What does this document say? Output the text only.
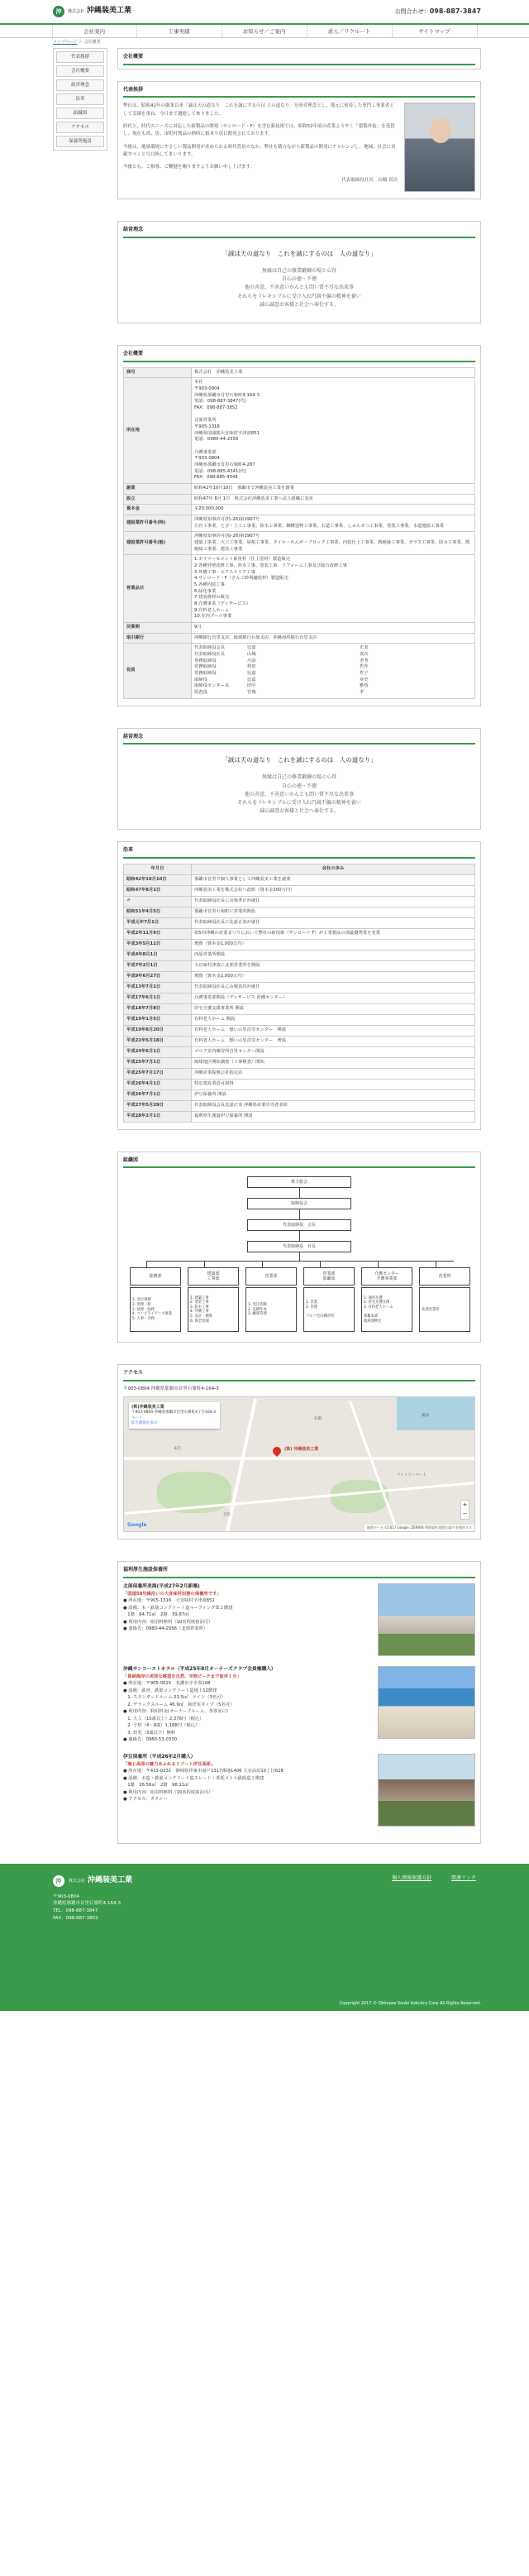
沖	株式会社 沖縄装美工業	お問合わせ：098-887-3847
会社案内	工事実績	お知らせ／ご案内	求人／リクルート	サイトマップ
トップページ ＞ 会社概要
代表挨拶
会社概要
経営理念
沿革
組織図
アクセス
保養所施設
会社概要
代表挨拶

弊社は、昭和42年の創業以来「誠は天の道なり　これを誠にするのは 人の道なり」を経営理念とし、地元に密着した専門工事業者として実績を重ね、今日まで邁進して参りました。

時代と、時代のニーズに対応した新製品の開発（サンロード・F）を含む新技術では、昭和52年頃の産業ようやく「建築外装」を受賞し、現在も尚、皆、市町村製品の熱時に根本９項目開発されております。

今後は、地球環境にやさしい製品開発が求められる時代背景のなか、弊社も積力ながら新製品の開発にチャレンジし、地域、社会に貢献すべくと号目指してまいります。

今後とも、ご指導、ご鞭撻を賜りますようお願い申し上げます。

代表取締役社長　山城 真次
経営理念
「誠は天の道なり　これを誠にするのは　人の道なり」

無縁は自己の修業鍛錬の場と心得

自心の徳・不徳

他の善意、不善意いかんとも問い質不尽な出来事

それらをフレキシブルに受け入れ円満不偏の精神を養い

誠心誠意お客様と社会へ奉仕する。

会社概要
商号	株式会社　沖縄装美工業
所在地	本社
〒903-0804
沖縄県那覇市首里石嶺町4-164-3
電話：098-887-3847(代)
FAX：098-887-3852

北部営業所
〒905-1318
沖縄県国頭郡大宜味村字津波851
電話：0980-44-2556

介護事業部
〒903-0804
沖縄県那覇市首里石嶺町4-287
電話：098-885-4341(代)
FAX：098-885-4348
創業	昭和42年10月10日　那覇市で沖縄装美工業を創業
設立	昭和47年 8月 1日　株式会社沖縄装美工業へ法人組織に変更
資本金	￥20,000,000
建設業許可番号(特)	沖縄県知事許可(特-26)第1907号
左官工事業、とび・土工工事業、防水工事業、鋼構造物工事業、石造工事業、しゅんせつ工事業、塗装工事業、水道施設工事業
建設業許可番号(般)	沖縄県知事許可(般-26)第1907号
建築工事業、大工工事業、屋根工事業、タイル・れんが・ブロック工事業、内装仕上工事業、熱絶縁工事業、ガラス工事業、防水工事業、熱絶縁工事業、建具工事業
営業品目	1.ポリマーセメント系塗材（仕上塗材）製造販売
2.各種外壁改修工事、防水工事、塗装工事、リフォーム工事及び総合改修工事
3.外構工事・エクステリア工事
4.サンロード・F（さんご砂利舗装材）製造販売
5.各種内装工事
6.緑化事業
7.建設資材の販売
8.介護事業（ディサービス）
9.有料老人ホーム
10.室内プール事業
決算期	9月
取引銀行	沖縄銀行首里支店、琉球銀行石嶺支店、沖縄海邦銀行首里支店
役員	
代表取締役会長	比嘉	正実
代表取締役社長	山城	真次
専務取締役	川添	孝考
常務取締役	仲田	哲作
常務取締役	比嘉	哲子
取締役	比嘉	章史
取締役センター長	田中	雅枝
監査役	宮城	孝
経営理念
「誠は天の道なり　これを誠にするのは　人の道なり」

無縁は自己の修業鍛錬の場と心得

自心の徳・不徳

他の善意、不善意いかんとも問い質不尽な出来事

それらをフレキシブルに受け入れ円満不偏の精神を養い

誠心誠意お客様と社会へ奉仕する。

沿革
年月日	会社の歩み
昭和42年10月10日	那覇市首里で個人事業として沖縄装美工業を創業
昭和47年8月1日	沖縄装美工業を株式会社へ改組（資本金200万円）
〃	代表取締役社長に長嶺孝正が就任
昭和51年4月5日	那覇市首里石嶺町に営業所開設
平成元年7月1日	代表取締役社長に比嘉正実が就任
平成2年11月9日	第5回沖縄の産業まつりにおいて弊社の新技術（サンロード F）が工業製品の部最優秀賞を受賞
平成3年5月11日	増資（資本金1,000万円）
平成4年8月1日	西原営業所開設
平成7年2月1日	大宜味村津波に北部営業所を開設
平成9年6月27日	増資（資本金2,000万円）
平成13年7月1日	代表取締役社長に山城真次が就任
平成17年6月1日	介護事業部開設（ディサービス 沖縄センター）
平成18年7月8日	居宅介護支援事業所 開設
平成19年1月5日	有料老人ホーム 開設
平成19年8月20日	有料老人ホーム　想いの里首里センター　開設
平成22年5月18日	有料老人ホーム　想いの里首里センター　増設
平成24年6月1日	ゴルフ室内練習所首里センター開設
平成25年7月1日	琉球地区開拓調査（工事検査）開始
平成25年7月17日	沖縄産業振興公社指定店
平成26年4月1日	特定建設業許可取得
平成26年7月1日	伊豆保養所 開設
平成27年5月29日	代表取締役会長比嘉正実 沖縄県産業功労者表彰
平成28年2月1日	福利厚生施設伊豆保養所 開設
組織図
株主総会
取締役会
代表取締役　会長
代表取締役　社長
総務部
1. 受付事務
2. 庶務一般
3. 経理・財務
4. コンプライアンス推進
5. 人事・労務
建築部
工事部
1. 建築工事
2. 塗装工事
3. 防水工事
4. 外構工事
5. 設計・積算
6. 保全管理
営業部
1. 受注活動
2. 見積作成
3. 顧客管理
営業部
那覇部
1. 営業
2. 管理

ゴルフ室内練習所
介護センター
介護事業部
1. 通所介護
2. 居宅介護支援
3. 有料老人ホーム

那覇本部
地域連携室
営業所
北部営業所
アクセス
〒903-0804 沖縄県那覇市首里石嶺町4-164-3
(株)沖縄装美工業
〒903-0804 沖縄県那覇市首里石嶺町4丁目164-3
ルート
拡大地図を表示
(株) 沖縄装美工業
石嶺
首里
末吉
ファミリーマート
浦添
+
−
Google	地図データ ©2017 Google, ZENRIN 利用規約 地図の誤りを報告する
福利厚生施設保養所
北部保養所美海(平成27年2月新築)
「国道58号線沿いの大宜味村田港の保養所です」
● 所在地：〒905-1316　大宜味村字津波851
● 設備：木・鉄筋コンクリート造ルーフィング葺２階建
　1階　64.71㎡　2階　39.87㎡
● 利用内容：宿泊料無料（10名程度宿泊可）
● 連絡先：0980-44-2556（北部営業所）
沖縄サンコーストホテル（平成25年8月オーナーズクラブ会員権購入）
「恩納海岸の美容な眺望を自然、辛抱ビーチまで徒歩１分」
● 所在地：〒905-0025　名護市字幸喜108
● 設備：鉄骨、鉄筋コンクリート造地上12階建
　1. スタンダードルーム 23.5㎡　ツイン（3名可）
　2. デラックスルーム 46.9㎡　和洋室タイプ（5名可）
● 利用内容：利用料金(オーナーズルーム、各客室に)
　1. 大人（10歳以上）2,376円（税込）
　2. 子供（4～9歳）1,188円（税込）
　3. 幼児（3歳以下）無料
● 連絡先：0980-53-0330
伊豆保養所（平成26年2月購入）
「海と高原の魅力あふれるリゾート伊豆高原」
● 所在地：〒413-0231　静岡県伊東市富戸1317番地1406 大室高原10丁目628
● 設備：木造・鉄筋コンクリート造スレート・葺延メトル鉄筋造２階建
　1階　26.56㎡　2階　98.11㎡
● 利用内容：宿泊料無料（10名程度宿泊可）
● アクセス：タクシー
沖	株式会社 沖縄装美工業	個人情報保護方針	関連リンク
〒903-0804
沖縄県那覇市首里石嶺町4-164-3
TEL：098-887-3847
FAX：098-887-3852
Copyright 2017 © Okinawa Soubi Industry Corp All Rights Reserved.
